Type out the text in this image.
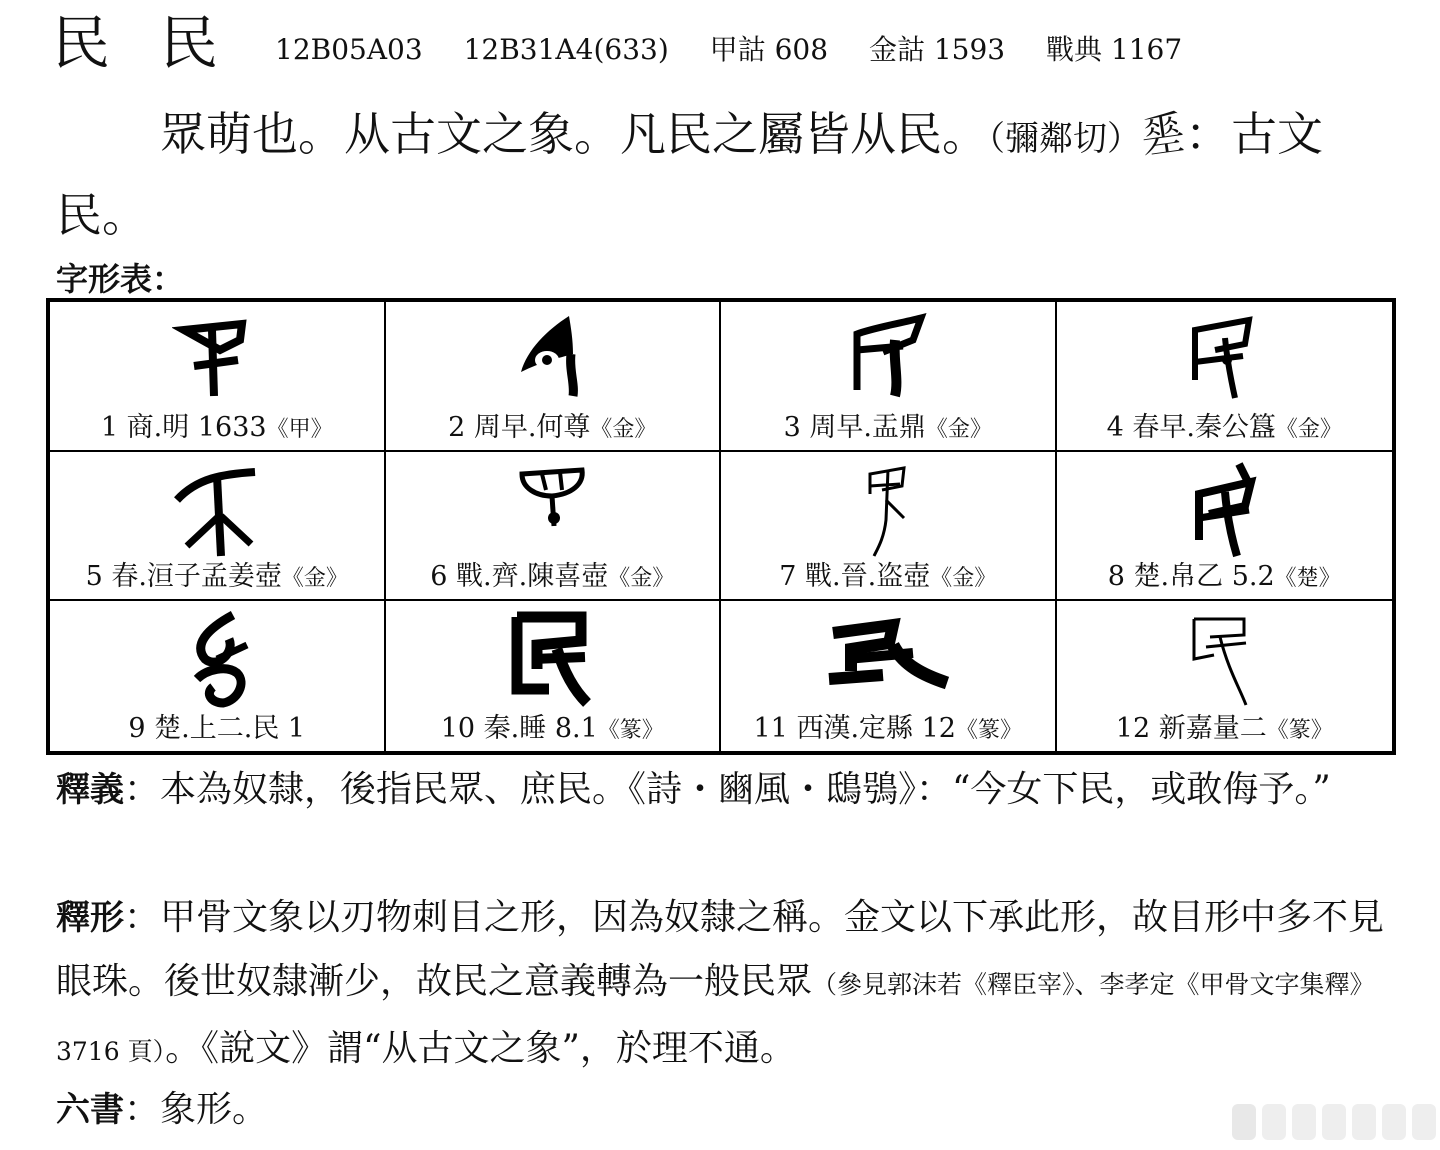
民 民 12B05A03 12B31A4(633) 甲詁 608 金詁 1593 戰典 1167
眾萌也。从古文之象。凡民之屬皆从民。（彌鄰切）𢀩：古文民。
字形表：
1 商.明 1633《甲》	2 周早.何尊《金》	3 周早.盂鼎《金》	4 春早.秦公簋《金》
5 春.洹子孟姜壺《金》	6 戰.齊.陳喜壺《金》	7 戰.晉.盗壺《金》	8 楚.帛乙 5.2《楚》
9 楚.上二.民 1	10 秦.睡 8.1《篆》	11 西漢.定縣 12《篆》	12 新嘉量二《篆》
釋義：本為奴隸，後指民眾、庶民。《詩・豳風・鴟鴞》：“今女下民，或敢侮予。”
釋形：甲骨文象以刃物刺目之形，因為奴隸之稱。金文以下承此形，故目形中多不見眼珠。後世奴隸漸少，故民之意義轉為一般民眾（參見郭沫若《釋臣宰》、李孝定《甲骨文字集釋》3716 頁）。《說文》謂“从古文之象”，於理不通。
六書：象形。
